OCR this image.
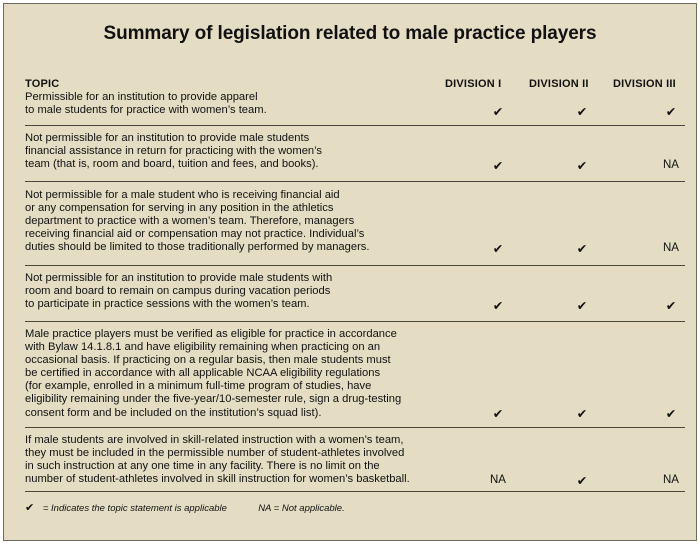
Summary of legislation related to male practice players
TOPIC	DIVISION I	DIVISION II DIVISION III
Permissible for an institution to provide apparel
to male students for practice with women’s team.	✔	✔	✔
Not permissible for an institution to provide male students
financial assistance in return for practicing with the women’s
team (that is, room and board, tuition and fees, and books).	✔	✔	NA
Not permissible for a male student who is receiving financial aid
or any compensation for serving in any position in the athletics
department to practice with a women’s team. Therefore, managers
receiving financial aid or compensation may not practice. Individual’s
duties should be limited to those traditionally performed by managers.	✔	✔	NA
Not permissible for an institution to provide male students with
room and board to remain on campus during vacation periods
to participate in practice sessions with the women’s team.	✔	✔	✔
Male practice players must be verified as eligible for practice in accordance
with Bylaw 14.1.8.1 and have eligibility remaining when practicing on an
occasional basis. If practicing on a regular basis, then male students must
be certified in accordance with all applicable NCAA eligibility regulations
(for example, enrolled in a minimum full-time program of studies, have
eligibility remaining under the five-year/10-semester rule, sign a drug-testing
consent form and be included on the institution’s squad list).	✔	✔	✔
If male students are involved in skill-related instruction with a women’s team,
they must be included in the permissible number of student-athletes involved
in such instruction at any one time in any facility. There is no limit on the
number of student-athletes involved in skill instruction for women’s basketball.	NA	✔	NA
✔ = Indicates the topic statement is applicable	NA = Not applicable.
